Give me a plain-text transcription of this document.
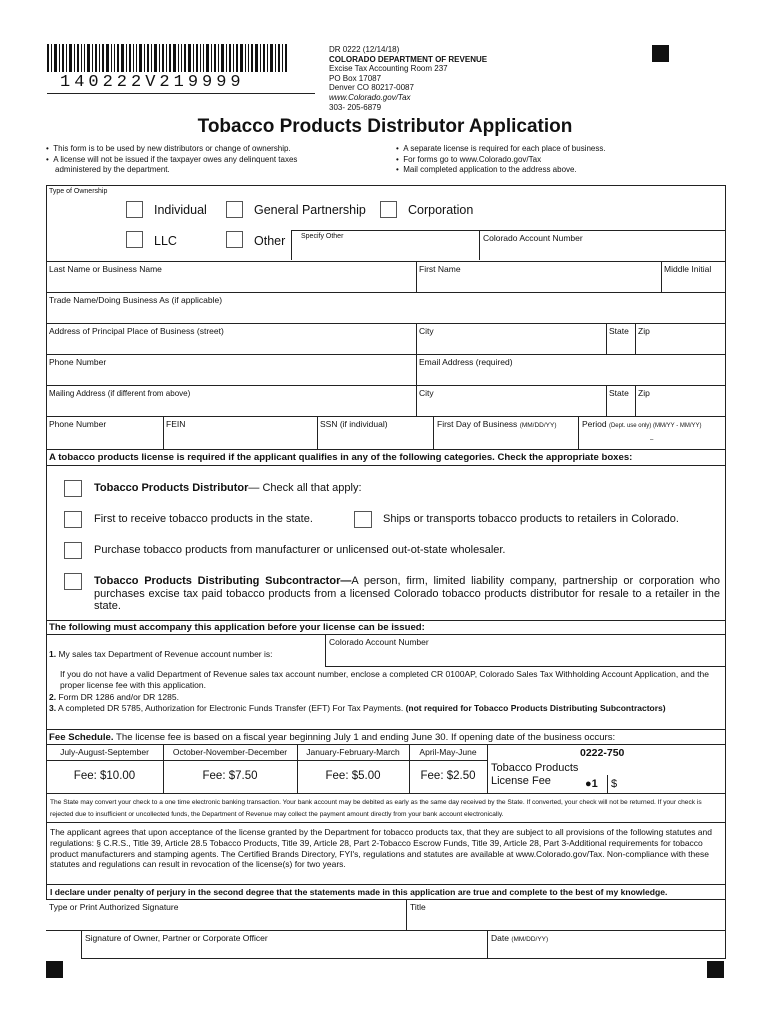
140222V219999
DR 0222 (12/14/18)
COLORADO DEPARTMENT OF REVENUE
Excise Tax Accounting Room 237
PO Box 17087
Denver CO 80217-0087
www.Colorado.gov/Tax
303- 205-6879
Tobacco Products Distributor Application
•  This form is to be used by new distributors or change of ownership.
•  A license will not be issued if the taxpayer owes any delinquent taxes
administered by the department.
•  A separate license is required for each place of business.
•  For forms go to www.Colorado.gov/Tax
•  Mail completed application to the address above.
Type of Ownership
Individual	General Partnership	Corporation
LLC	Other Specify Other	Colorado Account Number
Last Name or Business Name	First Name	Middle Initial
Trade Name/Doing Business As (if applicable)
Address of Principal Place of Business (street)	City	State Zip
Phone Number	Email Address (required)
Mailing Address (if different from above)	City	State Zip
Phone Number	FEIN	SSN (if individual)	First Day of Business (MM/DD/YY)	Period (Dept. use only) (MM/YY - MM/YY)
–
A tobacco products license is required if the applicant qualifies in any of the following categories. Check the appropriate boxes:
Tobacco Products Distributor— Check all that apply:
First to receive tobacco products in the state.	Ships or transports tobacco products to retailers in Colorado.
Purchase tobacco products from manufacturer or unlicensed out-ot-state wholesaler.
Tobacco Products Distributing Subcontractor—A person, firm, limited liability company, partnership or corporation who purchases excise tax paid tobacco products from a licensed Colorado tobacco products distributor for resale to a retailer in the state.
The following must accompany this application before your license can be issued:
1. My sales tax Department of Revenue account number is:
Colorado Account Number
If you do not have a valid Department of Revenue sales tax account number, enclose a completed CR 0100AP, Colorado Sales Tax Withholding Account Application, and the proper license fee with this application.
2. Form DR 1286 and/or DR 1285.
3. A completed DR 5785, Authorization for Electronic Funds Transfer (EFT) For Tax Payments. (not required for Tobacco Products Distributing Subcontractors)
Fee Schedule. The license fee is based on a fiscal year beginning July 1 and ending June 30. If opening date of the business occurs:
July-August-September	October-November-December	January-February-March	April-May-June
Fee: $10.00	Fee: $7.50	Fee: $5.00	Fee: $2.50
0222-750
Tobacco Products
License Fee	●1 $
The State may convert your check to a one time electronic banking transaction. Your bank account may be debited as early as the same day received by the State. If converted, your check will not be returned. If your check is rejected due to insufficient or uncollected funds, the Department of Revenue may collect the payment amount directly from your bank account electronically.
The applicant agrees that upon acceptance of the license granted by the Department for tobacco products tax, that they are subject to all provisions of the following statutes and regulations: § C.R.S., Title 39, Article 28.5 Tobacco Products, Title 39, Article 28, Part 2-Tobacco Escrow Funds, Title 39, Article 28, Part 3-Additional requirements for tobacco product manufacturers and stamping agents. The Certified Brands Directory, FYI's, regulations and statutes are available at www.Colorado.gov/Tax. Non-compliance with these statutes and regulations can result in revocation of the license(s) for two years.
I declare under penalty of perjury in the second degree that the statements made in this application are true and complete to the best of my knowledge.
Type or Print Authorized Signature	Title
Signature of Owner, Partner or Corporate Officer	Date (MM/DD/YY)
